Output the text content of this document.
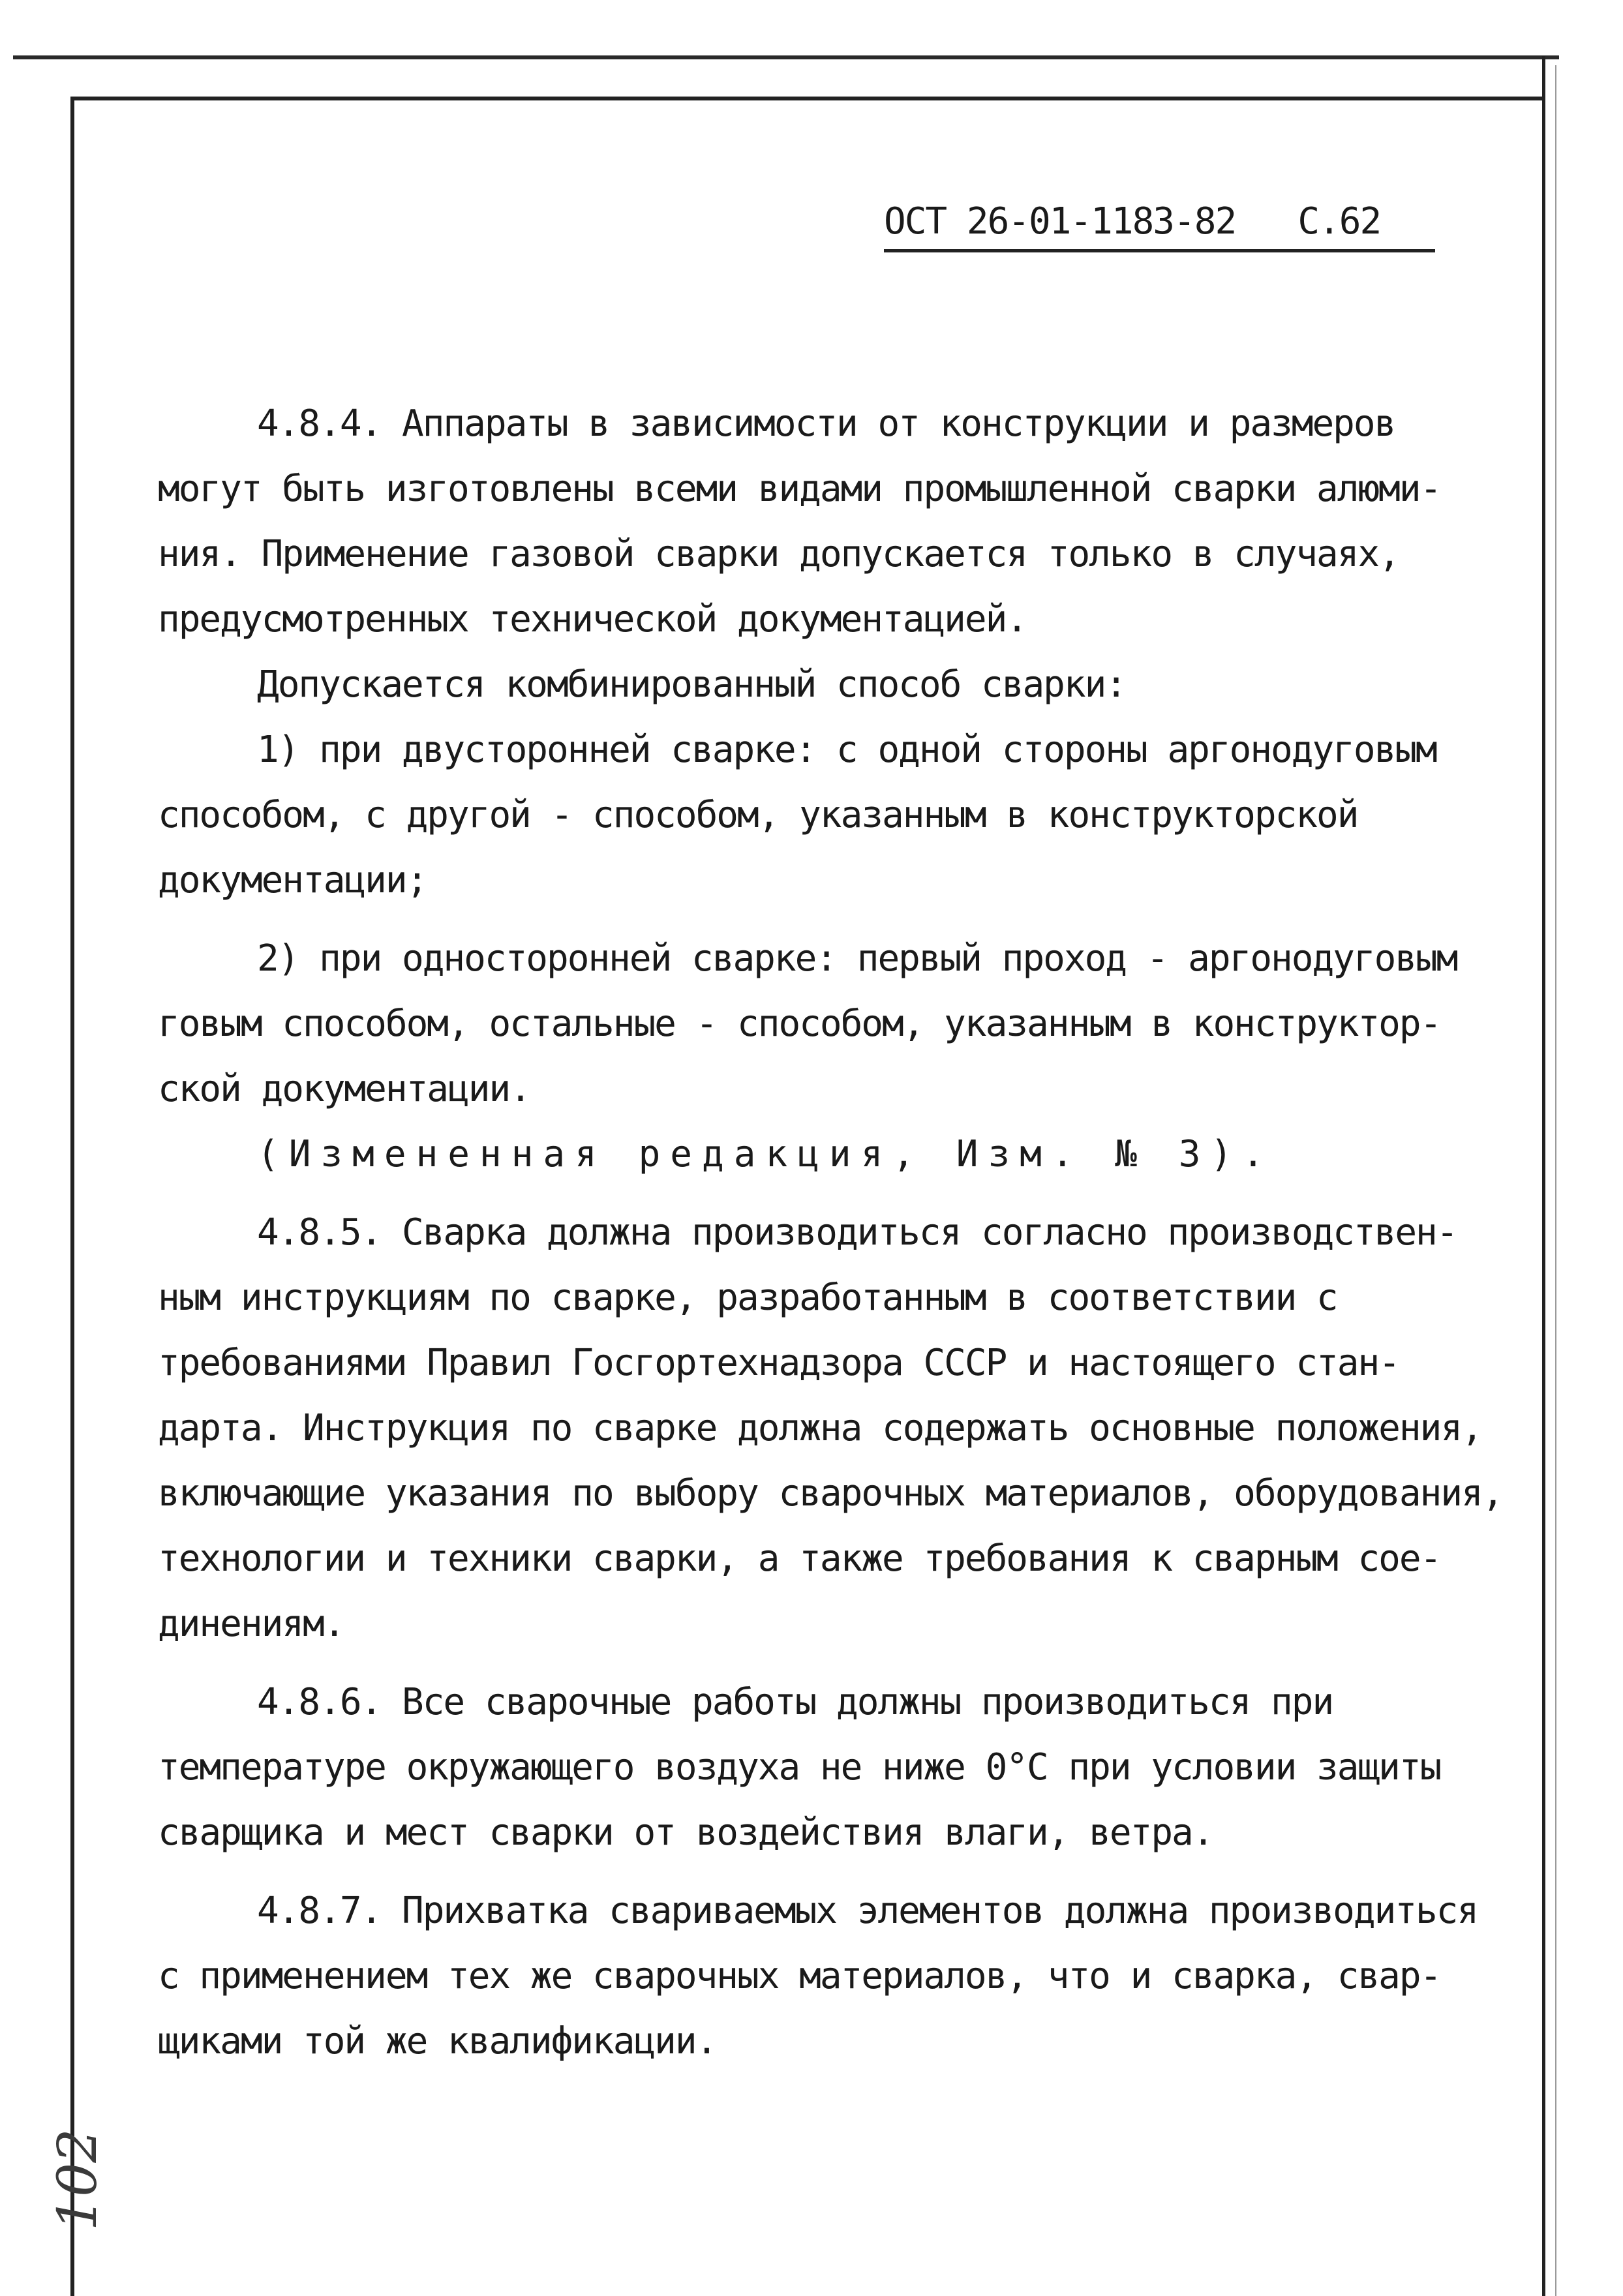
ОСТ 26-01-1183-82 С.62
4.8.4. Аппараты в зависимости от конструкции и размеров
могут быть изготовлены всеми видами промышленной сварки алюми-
ния. Применение газовой сварки допускается только в случаях,
предусмотренных технической документацией.
Допускается комбинированный способ сварки:
1) при двусторонней сварке: с одной стороны аргонодуговым
способом, с другой - способом, указанным в конструкторской
документации;
2) при односторонней сварке: первый проход - аргонодуговым
говым способом, остальные - способом, указанным в конструктор-
ской документации.
(Измененная редакция, Изм. № 3).
4.8.5. Сварка должна производиться согласно производствен-
ным инструкциям по сварке, разработанным в соответствии с
требованиями Правил Госгортехнадзора СССР и настоящего стан-
дарта. Инструкция по сварке должна содержать основные положения,
включающие указания по выбору сварочных материалов, оборудования,
технологии и техники сварки, а также требования к сварным сое-
динениям.
4.8.6. Все сварочные работы должны производиться при
температуре окружающего воздуха не ниже 0°С при условии защиты
сварщика и мест сварки от воздействия влаги, ветра.
4.8.7. Прихватка свариваемых элементов должна производиться
с применением тех же сварочных материалов, что и сварка, свар-
щиками той же квалификации.
102
